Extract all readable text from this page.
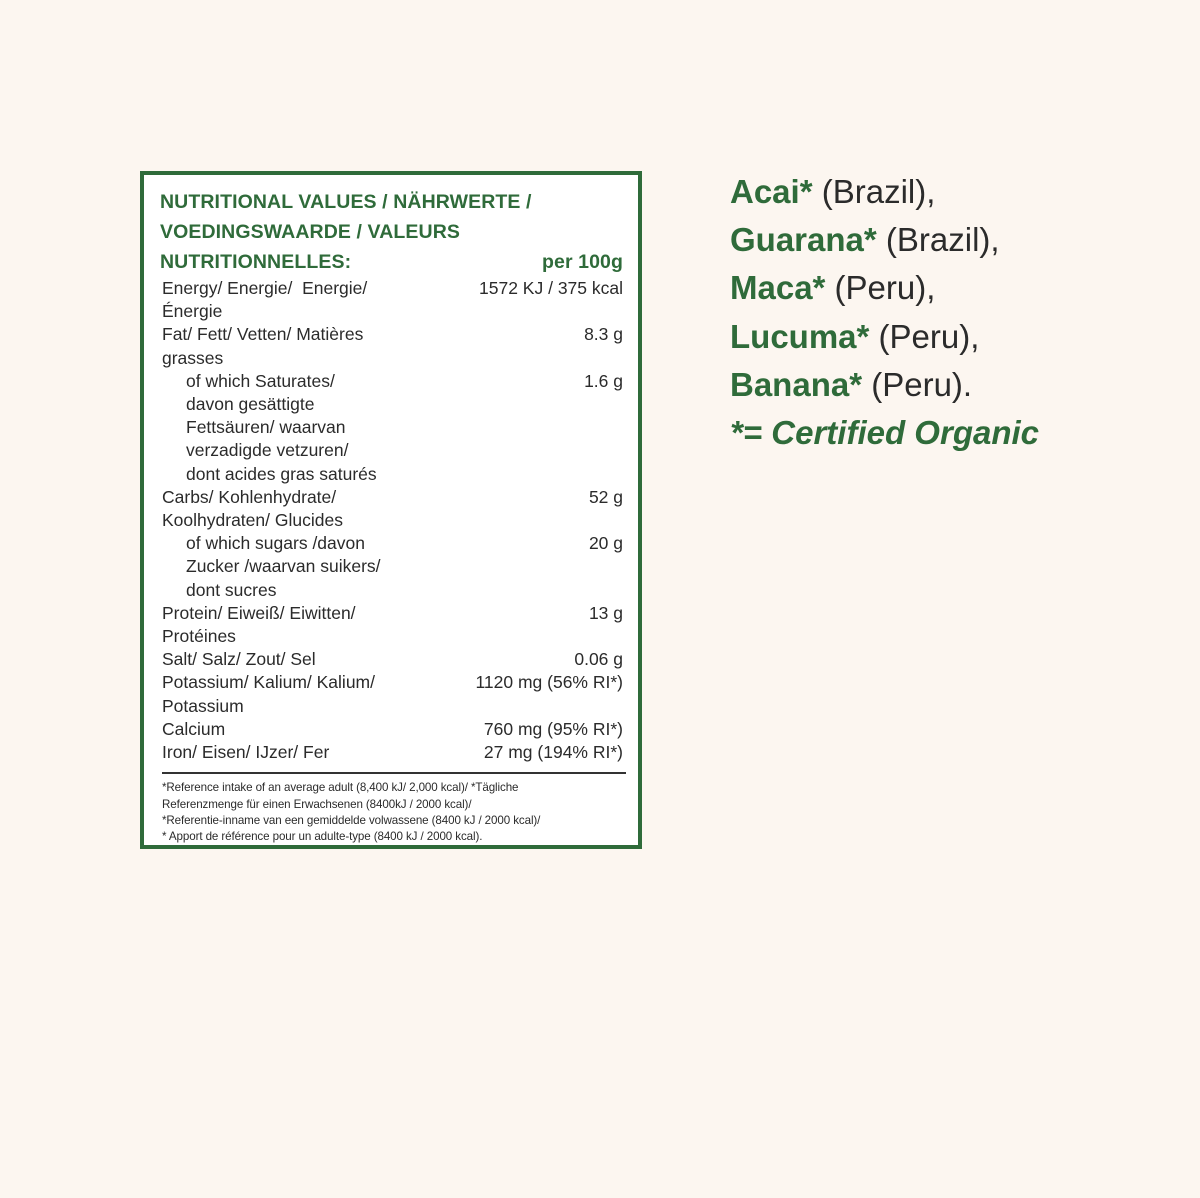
NUTRITIONAL VALUES / NÄHRWERTE /
VOEDINGSWAARDE / VALEURS
NUTRITIONNELLES:	per 100g
Energy/ Energie/  Energie/
Énergie
1572 KJ / 375 kcal
Fat/ Fett/ Vetten/ Matières
grasses
8.3 g
of which Saturates/
davon gesättigte
Fettsäuren/ waarvan
verzadigde vetzuren/
dont acides gras saturés
1.6 g
Carbs/ Kohlenhydrate/
Koolhydraten/ Glucides
52 g
of which sugars /davon
Zucker /waarvan suikers/
dont sucres
20 g
Protein/ Eiweiß/ Eiwitten/
Protéines
13 g
Salt/ Salz/ Zout/ Sel	0.06 g
Potassium/ Kalium/ Kalium/
Potassium
1120 mg (56% RI*)
Calcium	760 mg (95% RI*)
Iron/ Eisen/ IJzer/ Fer	27 mg (194% RI*)
*Reference intake of an average adult (8,400 kJ/ 2,000 kcal)/ *Tägliche
Referenzmenge für einen Erwachsenen (8400kJ / 2000 kcal)/
*Referentie-inname van een gemiddelde volwassene (8400 kJ / 2000 kcal)/
* Apport de référence pour un adulte-type (8400 kJ / 2000 kcal).
Acai* (Brazil),
Guarana* (Brazil),
Maca* (Peru),
Lucuma* (Peru),
Banana* (Peru).
*= Certified Organic
